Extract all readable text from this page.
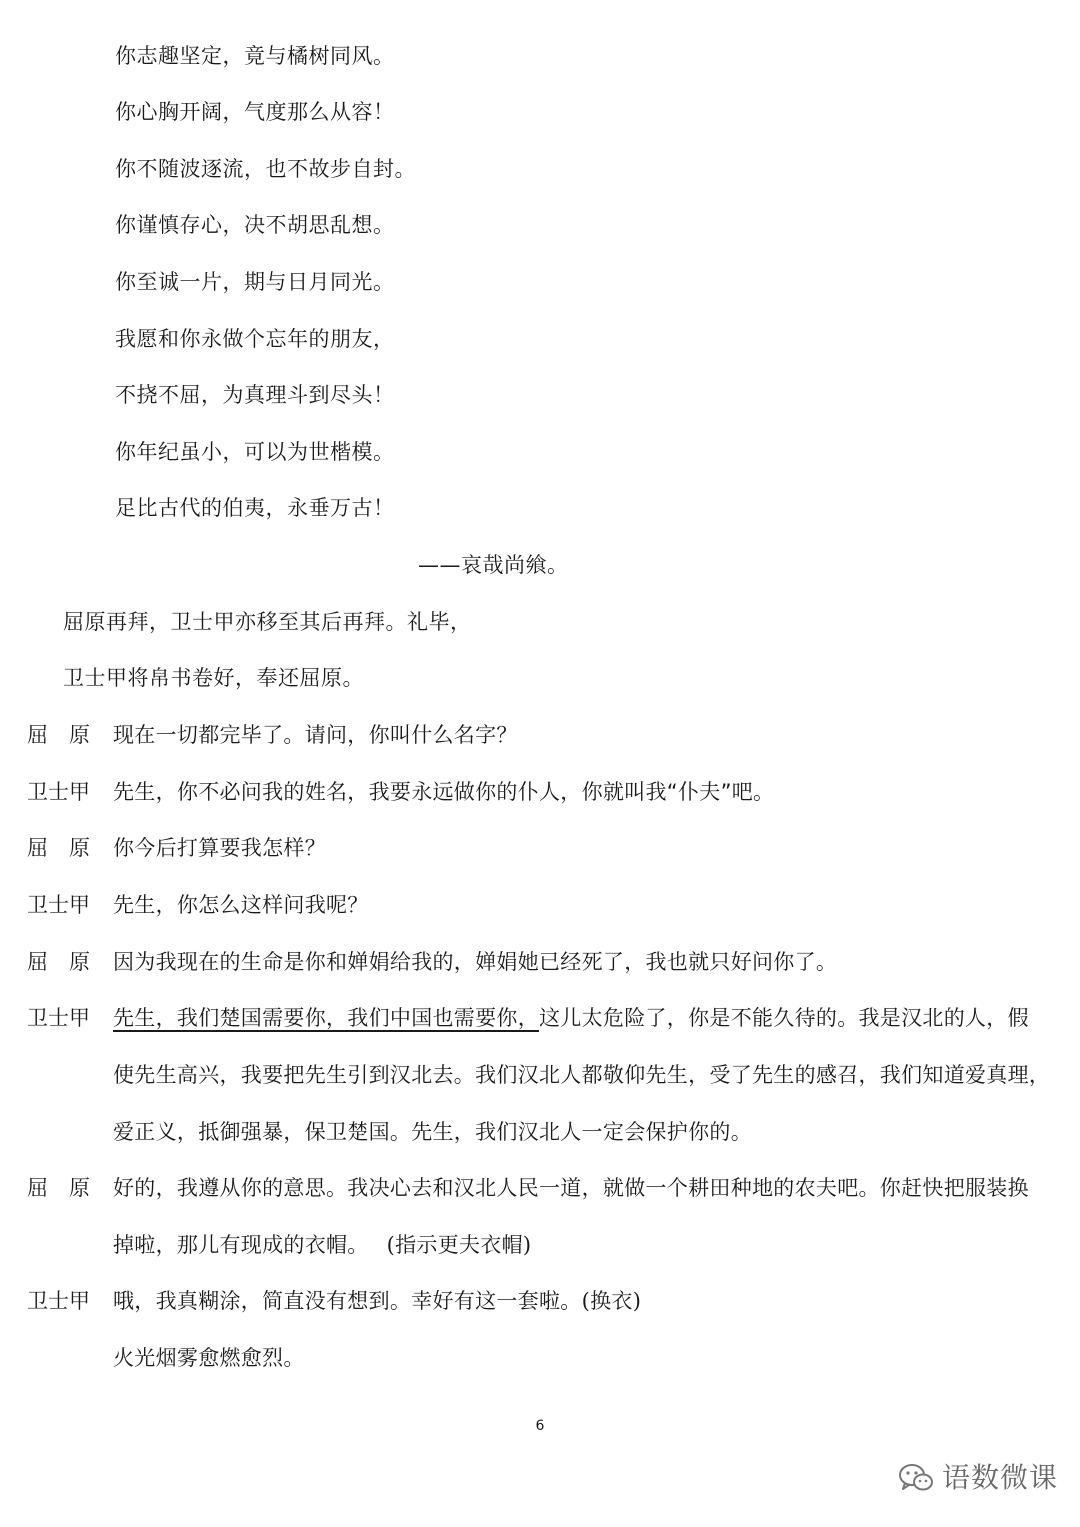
你志趣坚定，竟与橘树同风。
你心胸开阔，气度那么从容！
你不随波逐流，也不故步自封。
你谨慎存心，决不胡思乱想。
你至诚一片，期与日月同光。
我愿和你永做个忘年的朋友，
不挠不屈，为真理斗到尽头！
你年纪虽小，可以为世楷模。
足比古代的伯夷，永垂万古！
——哀哉尚飨。
屈原再拜，卫士甲亦移至其后再拜。礼毕，
卫士甲将帛书卷好，奉还屈原。
屈　原 现在一切都完毕了。请问，你叫什么名字？
卫士甲 先生，你不必问我的姓名，我要永远做你的仆人，你就叫我“仆夫”吧。
屈　原 你今后打算要我怎样？
卫士甲 先生，你怎么这样问我呢？
屈　原 因为我现在的生命是你和婵娟给我的，婵娟她已经死了，我也就只好问你了。
卫士甲 先生，我们楚国需要你，我们中国也需要你，这儿太危险了，你是不能久待的。我是汉北的人，假
使先生高兴，我要把先生引到汉北去。我们汉北人都敬仰先生，受了先生的感召，我们知道爱真理，
爱正义，抵御强暴，保卫楚国。先生，我们汉北人一定会保护你的。
屈　原 好的，我遵从你的意思。我决心去和汉北人民一道，就做一个耕田种地的农夫吧。你赶快把服装换
掉啦，那儿有现成的衣帽。 (指示更夫衣帽)
卫士甲 哦，我真糊涂，简直没有想到。幸好有这一套啦。(换衣)
火光烟雾愈燃愈烈。
6
语数微课
